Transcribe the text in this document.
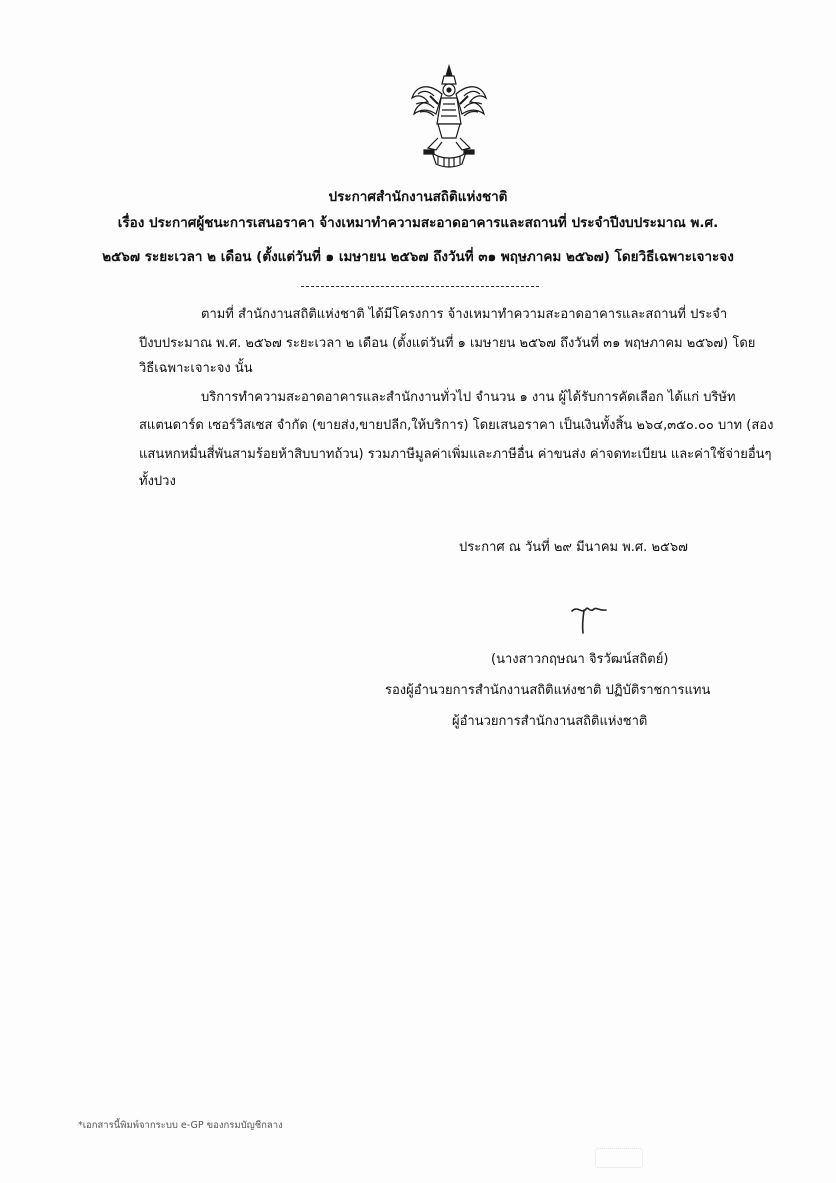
ประกาศสำนักงานสถิติแห่งชาติ
เรื่อง ประกาศผู้ชนะการเสนอราคา จ้างเหมาทำความสะอาดอาคารและสถานที่ ประจำปีงบประมาณ พ.ศ.
๒๕๖๗ ระยะเวลา ๒ เดือน (ตั้งแต่วันที่ ๑ เมษายน ๒๕๖๗ ถึงวันที่ ๓๑ พฤษภาคม ๒๕๖๗) โดยวิธีเฉพาะเจาะจง
ตามที่ สำนักงานสถิติแห่งชาติ ได้มีโครงการ จ้างเหมาทำความสะอาดอาคารและสถานที่ ประจำ
ปีงบประมาณ พ.ศ. ๒๕๖๗ ระยะเวลา ๒ เดือน (ตั้งแต่วันที่ ๑ เมษายน ๒๕๖๗ ถึงวันที่ ๓๑ พฤษภาคม ๒๕๖๗) โดย
วิธีเฉพาะเจาะจง นั้น
บริการทำความสะอาดอาคารและสำนักงานทั่วไป จำนวน ๑ งาน ผู้ได้รับการคัดเลือก ได้แก่ บริษัท
สแตนดาร์ด เซอร์วิสเซส จำกัด (ขายส่ง,ขายปลีก,ให้บริการ) โดยเสนอราคา เป็นเงินทั้งสิ้น ๒๖๔,๓๕๐.๐๐ บาท (สอง
แสนหกหมื่นสี่พันสามร้อยห้าสิบบาทถ้วน) รวมภาษีมูลค่าเพิ่มและภาษีอื่น ค่าขนส่ง ค่าจดทะเบียน และค่าใช้จ่ายอื่นๆ
ทั้งปวง
ประกาศ ณ วันที่ ๒๙ มีนาคม พ.ศ. ๒๕๖๗
(นางสาวกฤษณา จิรวัฒน์สถิตย์)
รองผู้อำนวยการสำนักงานสถิติแห่งชาติ ปฏิบัติราชการแทน
ผู้อำนวยการสำนักงานสถิติแห่งชาติ
*เอกสารนี้พิมพ์จากระบบ e-GP ของกรมบัญชีกลาง
